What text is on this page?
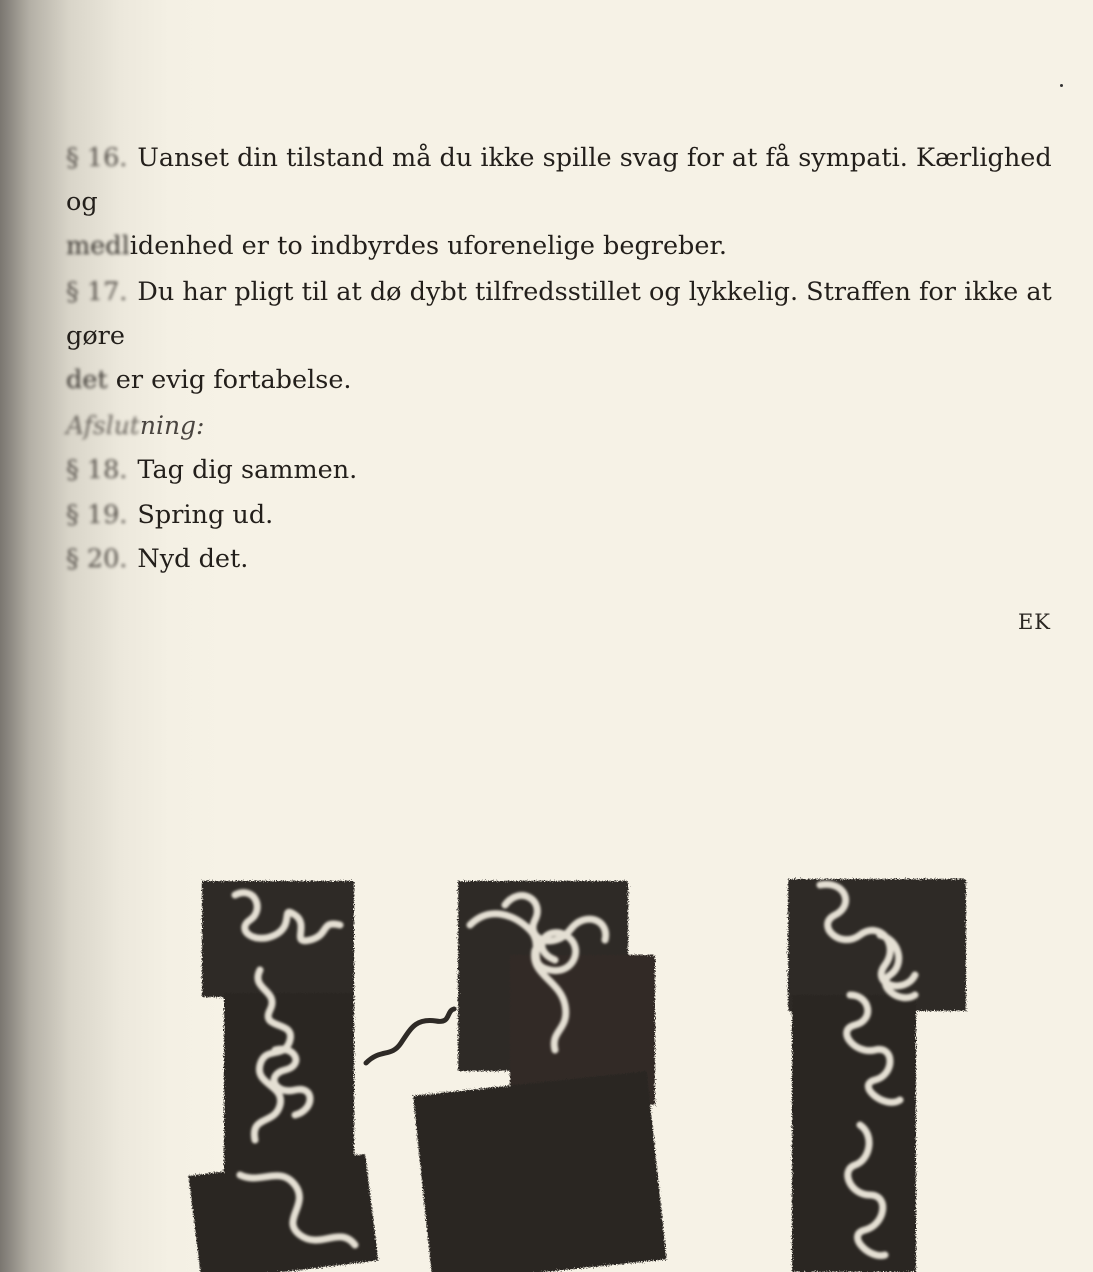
§ 16. Uanset din tilstand må du ikke spille svag for at få sympati. Kærlighed og
medlidenhed er to indbyrdes uforenelige begreber.

§ 17. Du har pligt til at dø dybt tilfredsstillet og lykkelig. Straffen for ikke at gøre
det er evig fortabelse.

Afslutning:

§ 18. Tag dig sammen.

§ 19. Spring ud.

§ 20. Nyd det.

EK
